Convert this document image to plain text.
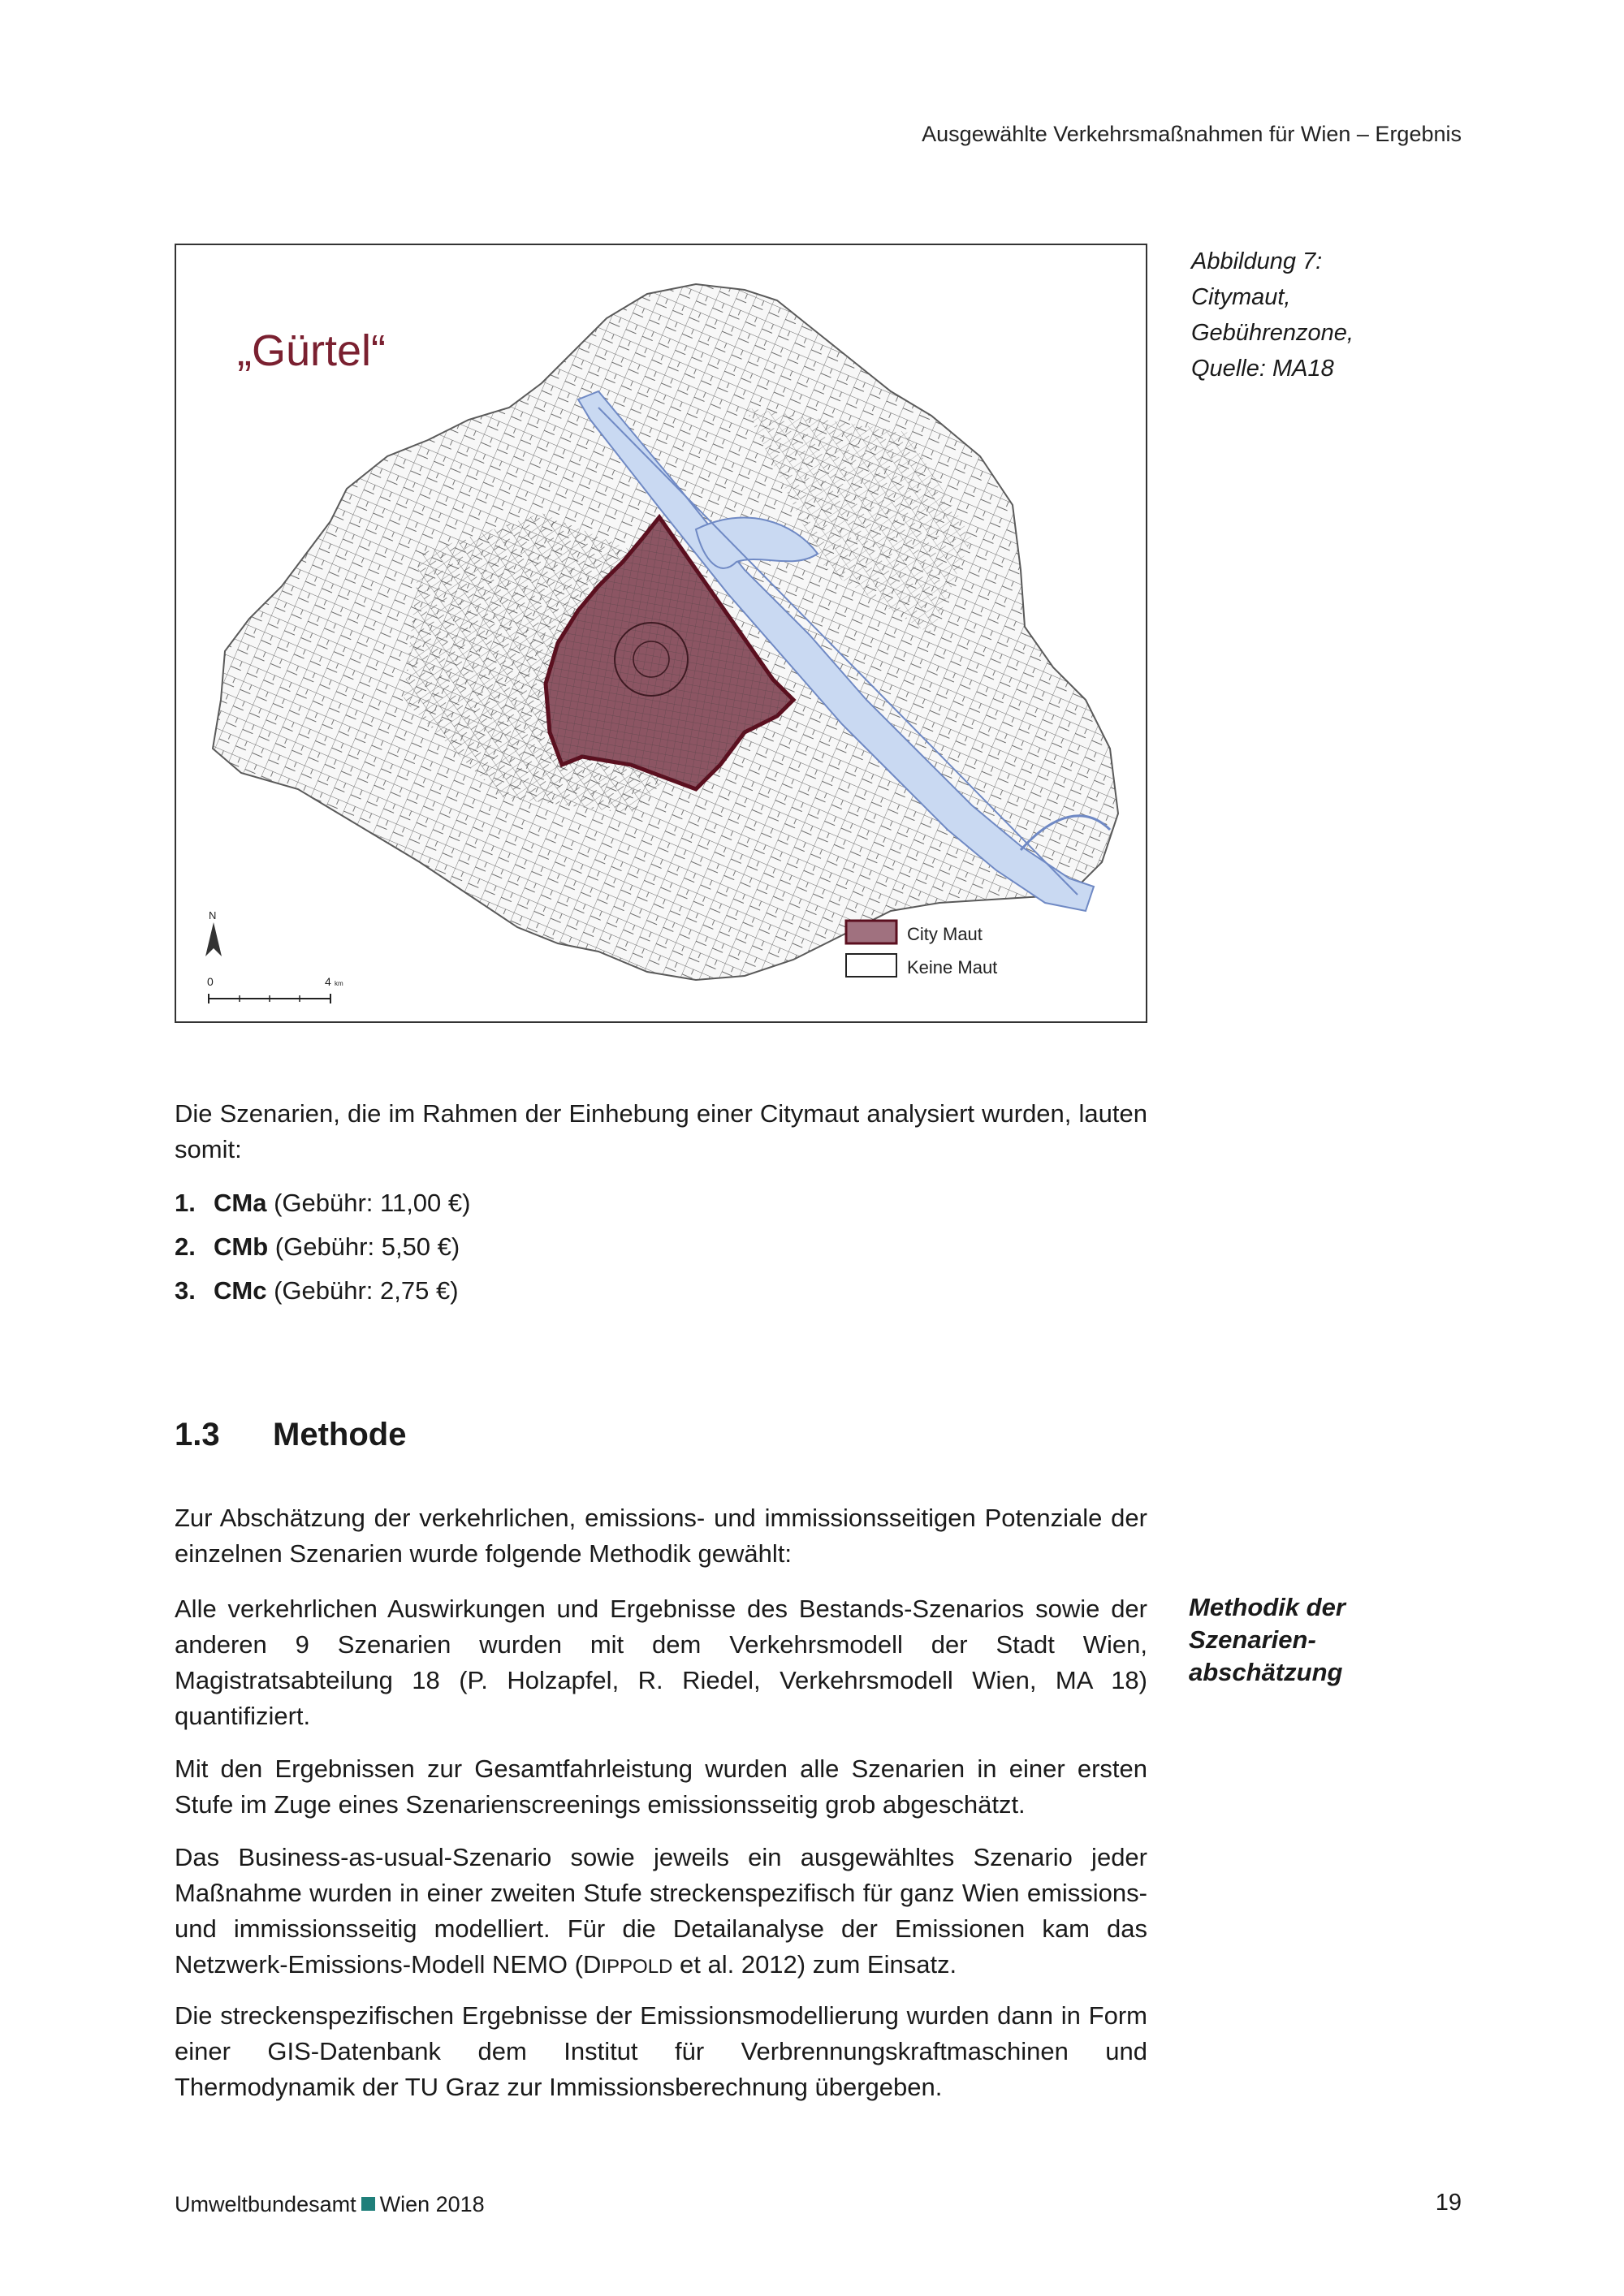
Ausgewählte Verkehrsmaßnahmen für Wien – Ergebnis
„Gürtel“
N
0	4 km
City Maut
Keine Maut
Abbildung 7:
Citymaut,
Gebührenzone,
Quelle: MA18

Die Szenarien, die im Rahmen der Einhebung einer Citymaut analysiert wurden, lauten somit:

1. CMa (Gebühr: 11,00 €)
2. CMb (Gebühr: 5,50 €)
3. CMc (Gebühr: 2,75 €)
1.3 Methode

Zur Abschätzung der verkehrlichen, emissions- und immissionsseitigen Potenziale der einzelnen Szenarien wurde folgende Methodik gewählt:

Alle verkehrlichen Auswirkungen und Ergebnisse des Bestands-Szenarios sowie der anderen 9 Szenarien wurden mit dem Verkehrsmodell der Stadt Wien, Magistratsabteilung 18 (P. Holzapfel, R. Riedel, Verkehrsmodell Wien, MA 18) quantifiziert.

Methodik der
Szenarien-
abschätzung

Mit den Ergebnissen zur Gesamtfahrleistung wurden alle Szenarien in einer ersten Stufe im Zuge eines Szenarienscreenings emissionsseitig grob abgeschätzt.

Das Business-as-usual-Szenario sowie jeweils ein ausgewähltes Szenario jeder Maßnahme wurden in einer zweiten Stufe streckenspezifisch für ganz Wien emissions- und immissionsseitig modelliert. Für die Detailanalyse der Emissionen kam das Netzwerk-Emissions-Modell NEMO (DIPPOLD et al. 2012) zum Einsatz.

Die streckenspezifischen Ergebnisse der Emissionsmodellierung wurden dann in Form einer GIS-Datenbank dem Institut für Verbrennungskraftmaschinen und Thermodynamik der TU Graz zur Immissionsberechnung übergeben.

Umweltbundesamt Wien 2018	19
